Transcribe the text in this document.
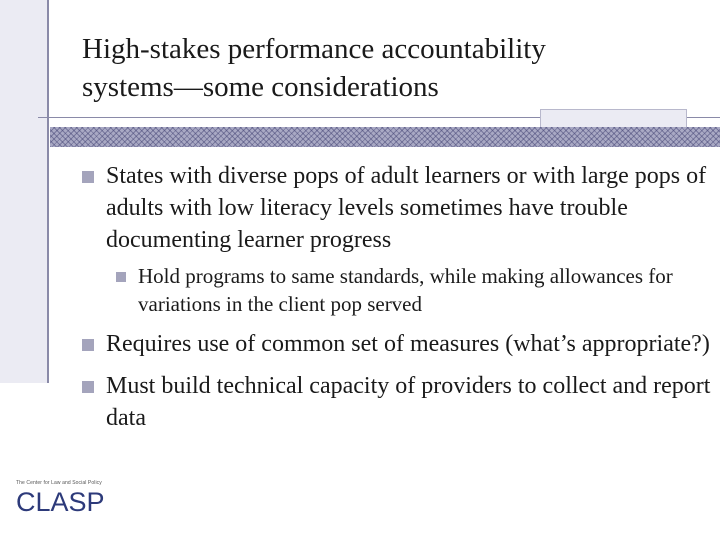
High-stakes performance accountability
systems—some considerations
States with diverse pops of adult learners or with large pops of adults with low literacy levels sometimes have trouble documenting learner progress
Hold programs to same standards, while making allowances for variations in the client pop served
Requires use of common set of measures (what’s appropriate?)
Must build technical capacity of providers to collect and report data
The Center for Law and Social Policy
CLASP
